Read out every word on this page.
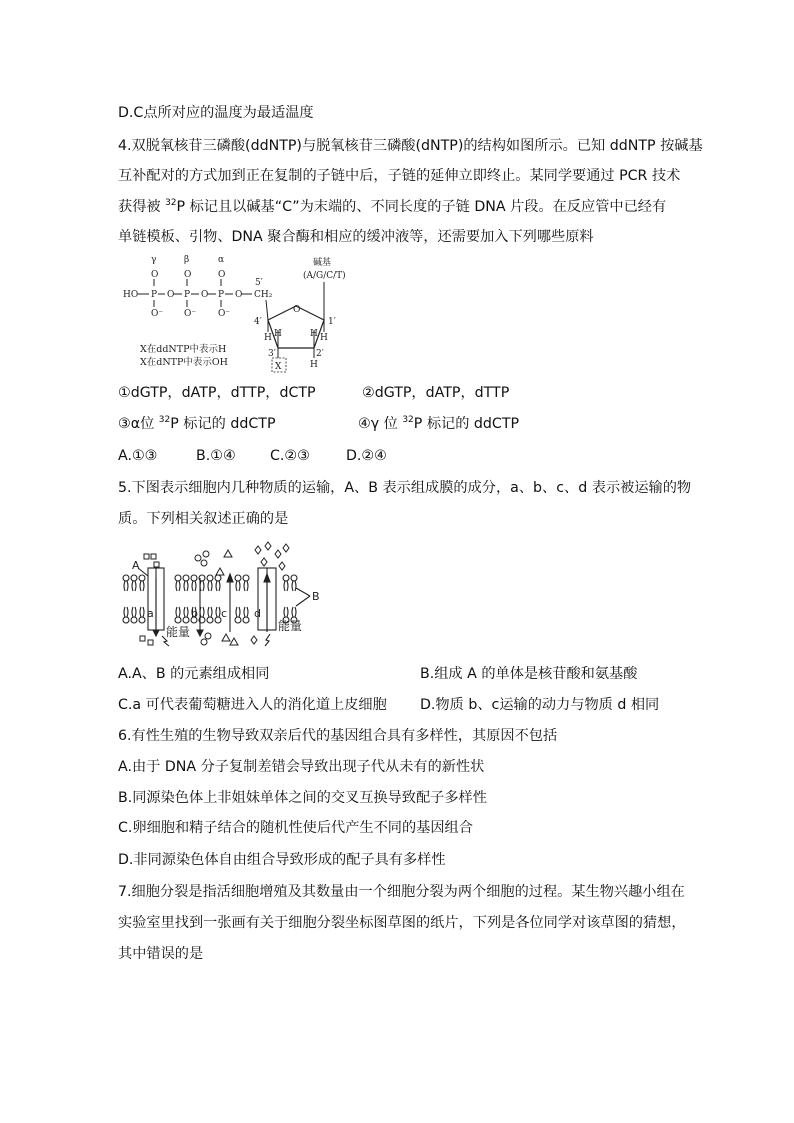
D.C点所对应的温度为最适温度
4.双脱氧核苷三磷酸(ddNTP)与脱氧核苷三磷酸(dNTP)的结构如图所示。已知 ddNTP 按碱基
互补配对的方式加到正在复制的子链中后，子链的延伸立即终止。某同学要通过 PCR 技术
获得被 $^{32}$P 标记且以碱基“C”为末端的、不同长度的子链 DNA 片段。在反应管中已经有
单链模板、引物、DNA 聚合酶和相应的缓冲液等，还需要加入下列哪些原料
γ	β	α
O	O	O
HO P O P O P O CH₂
5′
O⁻ O⁻ O⁻	O
4′	1′
3′	2′
碱基
(A/G/C/T)
H	H
H	H
H
X
X在ddNTP中表示H
X在dNTP中表示OH
①dGTP，dATP，dTTP，dCTP	②dGTP，dATP，dTTP
③α位 $^{32}$P 标记的 ddCTP	④γ 位 $^{32}$P 标记的 ddCTP
A.①③	B.①④ C.②③	D.②④
5.下图表示细胞内几种物质的运输，A、B 表示组成膜的成分，a、b、c、d 表示被运输的物
质。下列相关叙述正确的是
A
B
a	b c d
能量	能量
A.A、B 的元素组成相同	B.组成 A 的单体是核苷酸和氨基酸
C.a 可代表葡萄糖进入人的消化道上皮细胞 D.物质 b、c运输的动力与物质 d 相同
6.有性生殖的生物导致双亲后代的基因组合具有多样性，其原因不包括
A.由于 DNA 分子复制差错会导致出现子代从未有的新性状
B.同源染色体上非姐妹单体之间的交叉互换导致配子多样性
C.卵细胞和精子结合的随机性使后代产生不同的基因组合
D.非同源染色体自由组合导致形成的配子具有多样性
7.细胞分裂是指活细胞增殖及其数量由一个细胞分裂为两个细胞的过程。某生物兴趣小组在
实验室里找到一张画有关于细胞分裂坐标图草图的纸片，下列是各位同学对该草图的猜想，
其中错误的是
